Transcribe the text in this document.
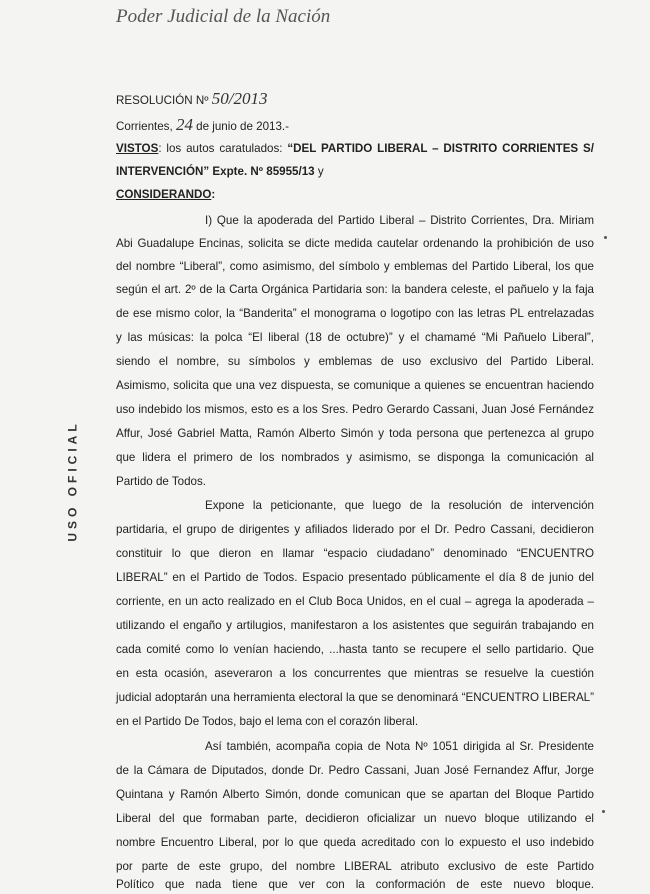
Poder Judicial de la Nación
USO OFICIAL
RESOLUCIÓN Nº 50/2013
Corrientes, 24 de junio de 2013.-
VISTOS: los autos caratulados: “DEL PARTIDO LIBERAL – DISTRITO CORRIENTES S/
INTERVENCIÓN” Expte. Nº 85955/13 y
CONSIDERANDO:
I) Que la apoderada del Partido Liberal – Distrito Corrientes, Dra. Miriam
Abi Guadalupe Encinas, solicita se dicte medida cautelar ordenando la prohibición de uso
del nombre “Liberal”, como asimismo, del símbolo y emblemas del Partido Liberal, los que
según el art. 2º de la Carta Orgánica Partidaria son: la bandera celeste, el pañuelo y la faja
de ese mismo color, la “Banderita” el monograma o logotipo con las letras PL entrelazadas
y las músicas: la polca “El liberal (18 de octubre)” y el chamamé “Mi Pañuelo Liberal”,
siendo el nombre, su símbolos y emblemas de uso exclusivo del Partido Liberal.
Asimismo, solicita que una vez dispuesta, se comunique a quienes se encuentran haciendo
uso indebido los mismos, esto es a los Sres. Pedro Gerardo Cassani, Juan José Fernández
Affur, José Gabriel Matta, Ramón Alberto Simón y toda persona que pertenezca al grupo
que lidera el primero de los nombrados y asimismo, se disponga la comunicación al
Partido de Todos.
Expone la peticionante, que luego de la resolución de intervención
partidaria, el grupo de dirigentes y afiliados liderado por el Dr. Pedro Cassani, decidieron
constituir lo que dieron en llamar “espacio ciudadano” denominado “ENCUENTRO
LIBERAL” en el Partido de Todos. Espacio presentado públicamente el día 8 de junio del
corriente, en un acto realizado en el Club Boca Unidos, en el cual – agrega la apoderada –
utilizando el engaño y artilugios, manifestaron a los asistentes que seguirán trabajando en
cada comité como lo venían haciendo, ...hasta tanto se recupere el sello partidario. Que
en esta ocasión, aseveraron a los concurrentes que mientras se resuelve la cuestión
judicial adoptarán una herramienta electoral la que se denominará “ENCUENTRO LIBERAL”
en el Partido De Todos, bajo el lema con el corazón liberal.
Así también, acompaña copia de Nota Nº 1051 dirigida al Sr. Presidente
de la Cámara de Diputados, donde Dr. Pedro Cassani, Juan José Fernandez Affur, Jorge
Quintana y Ramón Alberto Simón, donde comunican que se apartan del Bloque Partido
Liberal del que formaban parte, decidieron oficializar un nuevo bloque utilizando el
nombre Encuentro Liberal, por lo que queda acreditado con lo expuesto el uso indebido
por parte de este grupo, del nombre LIBERAL atributo exclusivo de este Partido
Político que nada tiene que ver con la conformación de este nuevo bloque.
